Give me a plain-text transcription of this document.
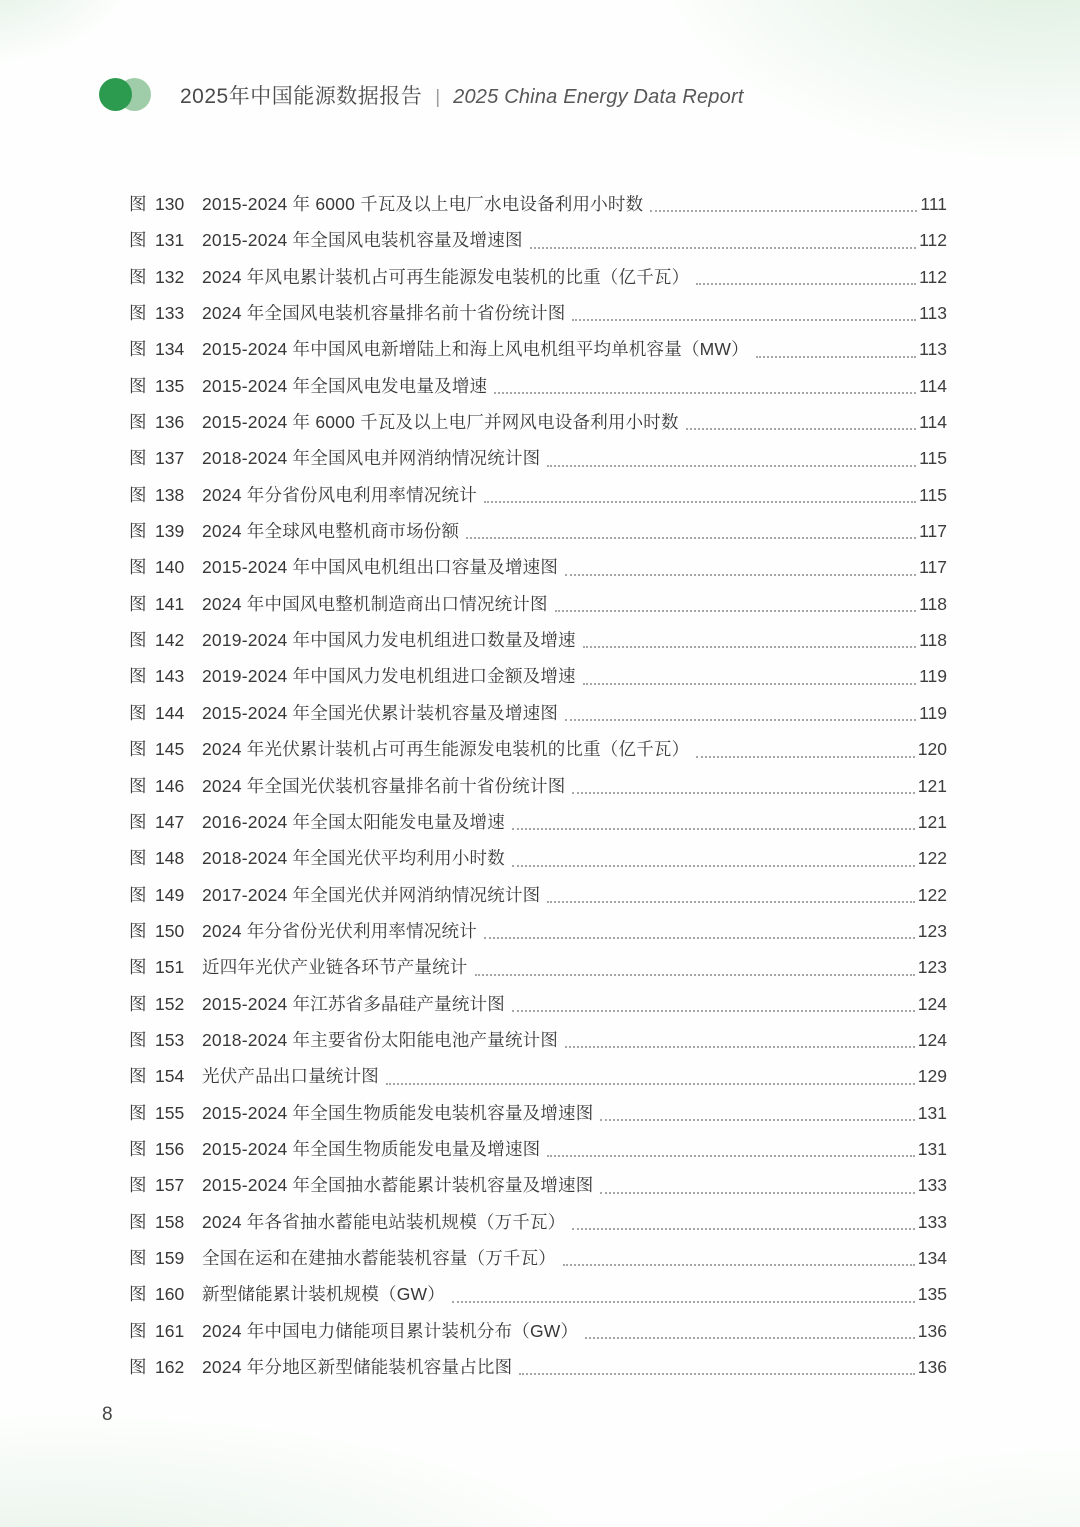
2025年中国能源数据报告 | 2025 China Energy Data Report
图 130	2015-2024 年 6000 千瓦及以上电厂水电设备利用小时数	111
图 131	2015-2024 年全国风电装机容量及增速图	112
图 132	2024 年风电累计装机占可再生能源发电装机的比重（亿千瓦）	112
图 133	2024 年全国风电装机容量排名前十省份统计图	113
图 134	2015-2024 年中国风电新增陆上和海上风电机组平均单机容量（MW）	113
图 135	2015-2024 年全国风电发电量及增速	114
图 136	2015-2024 年 6000 千瓦及以上电厂并网风电设备利用小时数	114
图 137	2018-2024 年全国风电并网消纳情况统计图	115
图 138	2024 年分省份风电利用率情况统计	115
图 139	2024 年全球风电整机商市场份额	117
图 140	2015-2024 年中国风电机组出口容量及增速图	117
图 141	2024 年中国风电整机制造商出口情况统计图	118
图 142	2019-2024 年中国风力发电机组进口数量及增速	118
图 143	2019-2024 年中国风力发电机组进口金额及增速	119
图 144	2015-2024 年全国光伏累计装机容量及增速图	119
图 145	2024 年光伏累计装机占可再生能源发电装机的比重（亿千瓦）	120
图 146	2024 年全国光伏装机容量排名前十省份统计图	121
图 147	2016-2024 年全国太阳能发电量及增速	121
图 148	2018-2024 年全国光伏平均利用小时数	122
图 149	2017-2024 年全国光伏并网消纳情况统计图	122
图 150	2024 年分省份光伏利用率情况统计	123
图 151	近四年光伏产业链各环节产量统计	123
图 152	2015-2024 年江苏省多晶硅产量统计图	124
图 153	2018-2024 年主要省份太阳能电池产量统计图	124
图 154	光伏产品出口量统计图	129
图 155	2015-2024 年全国生物质能发电装机容量及增速图	131
图 156	2015-2024 年全国生物质能发电量及增速图	131
图 157	2015-2024 年全国抽水蓄能累计装机容量及增速图	133
图 158	2024 年各省抽水蓄能电站装机规模（万千瓦）	133
图 159	全国在运和在建抽水蓄能装机容量（万千瓦）	134
图 160	新型储能累计装机规模（GW）	135
图 161	2024 年中国电力储能项目累计装机分布（GW）	136
图 162	2024 年分地区新型储能装机容量占比图	136
8
